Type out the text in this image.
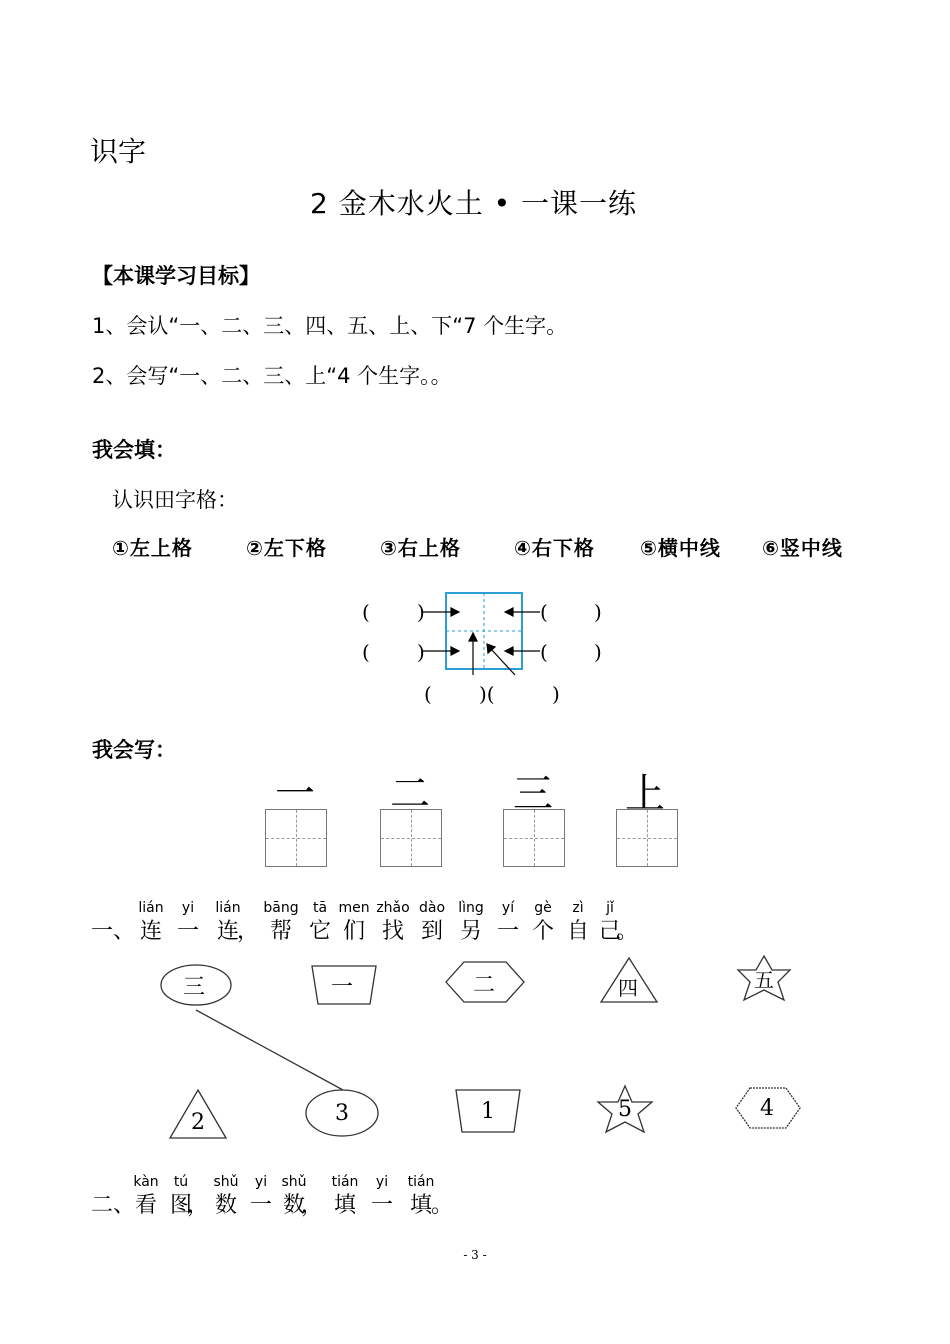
识字
2 金木水火土 • 一课一练
【本课学习目标】
1、会认“一、二、三、四、五、上、下“7 个生字。
2、会写“一、二、三、上“4 个生字。。
我会填：
认识田字格：
①左上格	②左下格	③右上格	④右下格 ⑤横中线 ⑥竖中线
( )	( )
( )	( )
( )(	)
我会写：
一	二	三	上
一、
lián	yi	lián	bāng	tā men zhǎo dào lìng	yí	gè	zì	jǐ
连 一 连
， 帮 它 们 找 到 另 一 个 自 己
。
三	一	二	四	五
2	3	1	5	4
二、
kàn	tú	shǔ	yi	shǔ	tián	yi	tián
看 图
， 数 一 数
， 填 一 填
。
- 3 -
